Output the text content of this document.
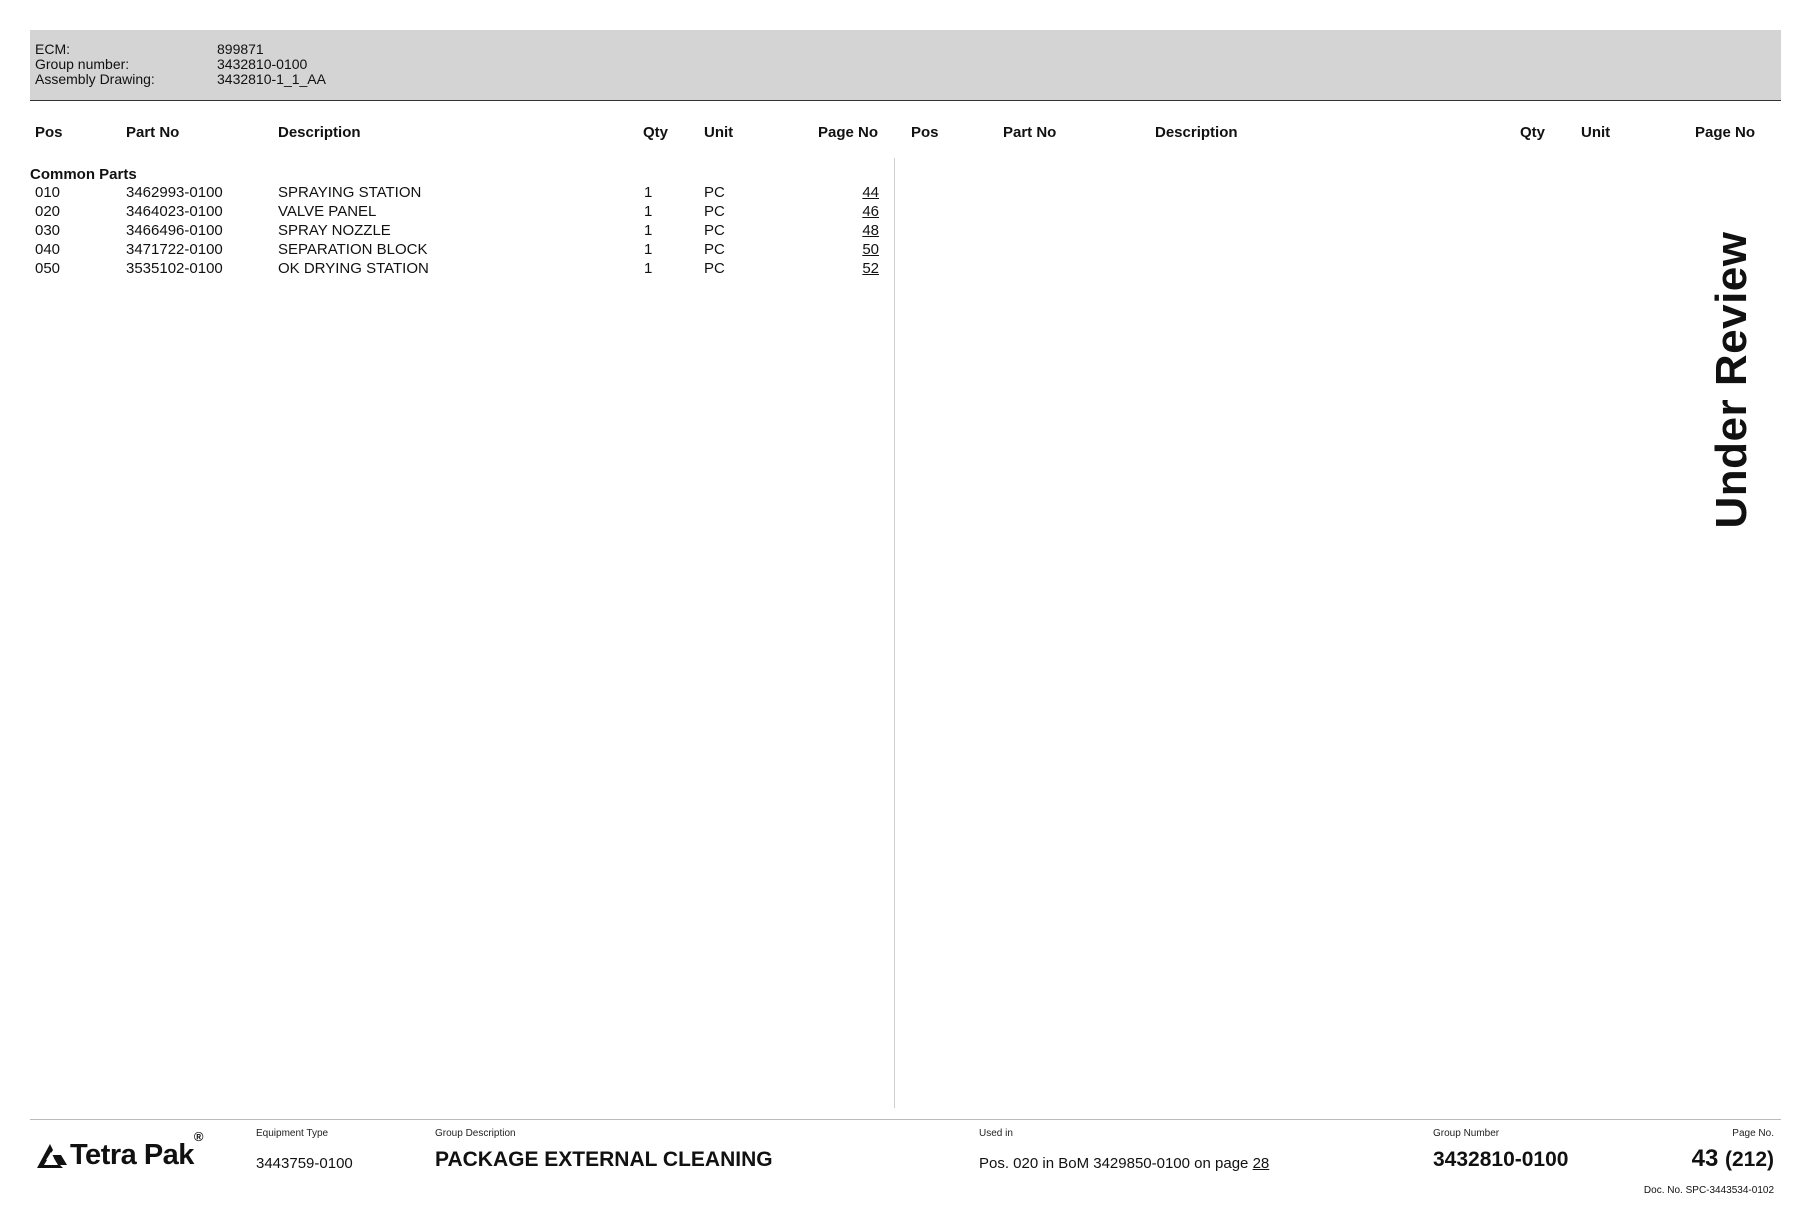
ECM:	899871
Group number:	3432810-0100
Assembly Drawing:	3432810-1_1_AA
Pos	Part No	Description	Qty Unit	Page No Pos	Part No	Description	Qty Unit	Page No
Common Parts
010	3462993-0100	SPRAYING STATION	1	PC	44
020	3464023-0100	VALVE PANEL	1	PC	46
030	3466496-0100	SPRAY NOZZLE	1	PC	48
040	3471722-0100	SEPARATION BLOCK	1	PC	50
050	3535102-0100	OK DRYING STATION	1	PC	52	Under Review
Tetra Pak®	Equipment Type
3443759-0100
Group Description
PACKAGE EXTERNAL CLEANING
Used in
Pos. 020 in BoM 3429850-0100 on page 28
Group Number
3432810-0100
Page No.
43 (212)
Doc. No. SPC-3443534-0102
